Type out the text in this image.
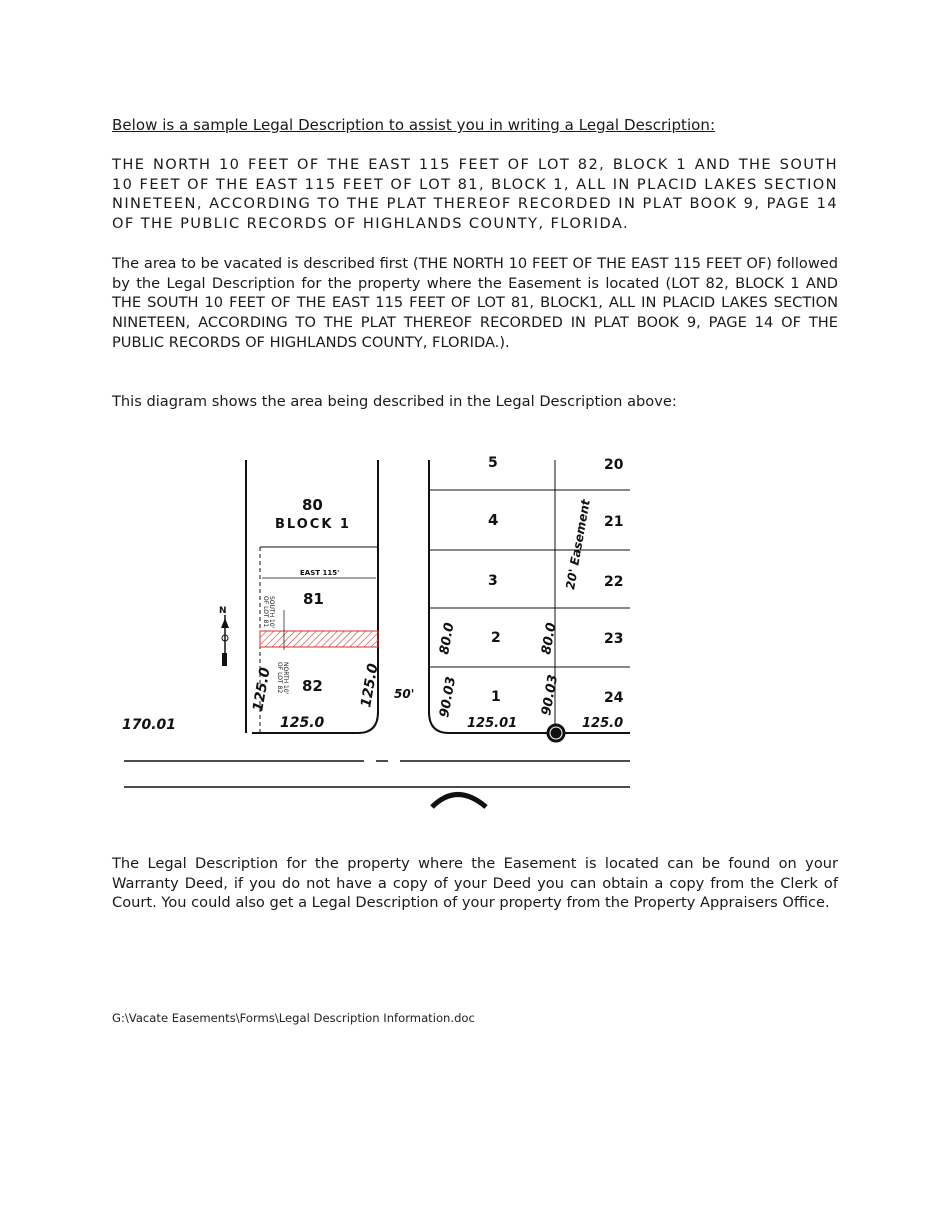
Below is a sample Legal Description to assist you in writing a Legal Description:

THE NORTH 10 FEET OF THE EAST 115 FEET OF LOT 82, BLOCK 1 AND THE SOUTH 10 FEET OF THE EAST 115 FEET OF LOT 81, BLOCK 1, ALL IN PLACID LAKES SECTION NINETEEN, ACCORDING TO THE PLAT THEREOF RECORDED IN PLAT BOOK 9, PAGE 14 OF THE PUBLIC RECORDS OF HIGHLANDS COUNTY, FLORIDA.

The area to be vacated is described first (THE NORTH 10 FEET OF THE EAST 115 FEET OF) followed by the Legal Description for the property where the Easement is located (LOT 82, BLOCK 1 AND THE SOUTH 10 FEET OF THE EAST 115 FEET OF LOT 81, BLOCK1, ALL IN PLACID LAKES SECTION NINETEEN, ACCORDING TO THE PLAT THEREOF RECORDED IN PLAT BOOK 9, PAGE 14 OF THE PUBLIC RECORDS OF HIGHLANDS COUNTY, FLORIDA.).

This diagram shows the area being described in the Legal Description above:

The Legal Description for the property where the Easement is located can be found on your Warranty Deed, if you do not have a copy of your Deed you can obtain a copy from the Clerk of Court. You could also get a Legal Description of your property from the Property Appraisers Office.

G:\Vacate Easements\Forms\Legal Description Information.doc
EAST 115'
80
BLOCK 1
81
82
SOUTH 10'
OF LOT 81
NORTH 10'
OF LOT 82
N
125.0	125.0
125.0
170.01
50'
5
4
3
2
1
20
21
22
23
24
20' Easement
80.0	80.0
90.03	90.03
125.01	125.0
